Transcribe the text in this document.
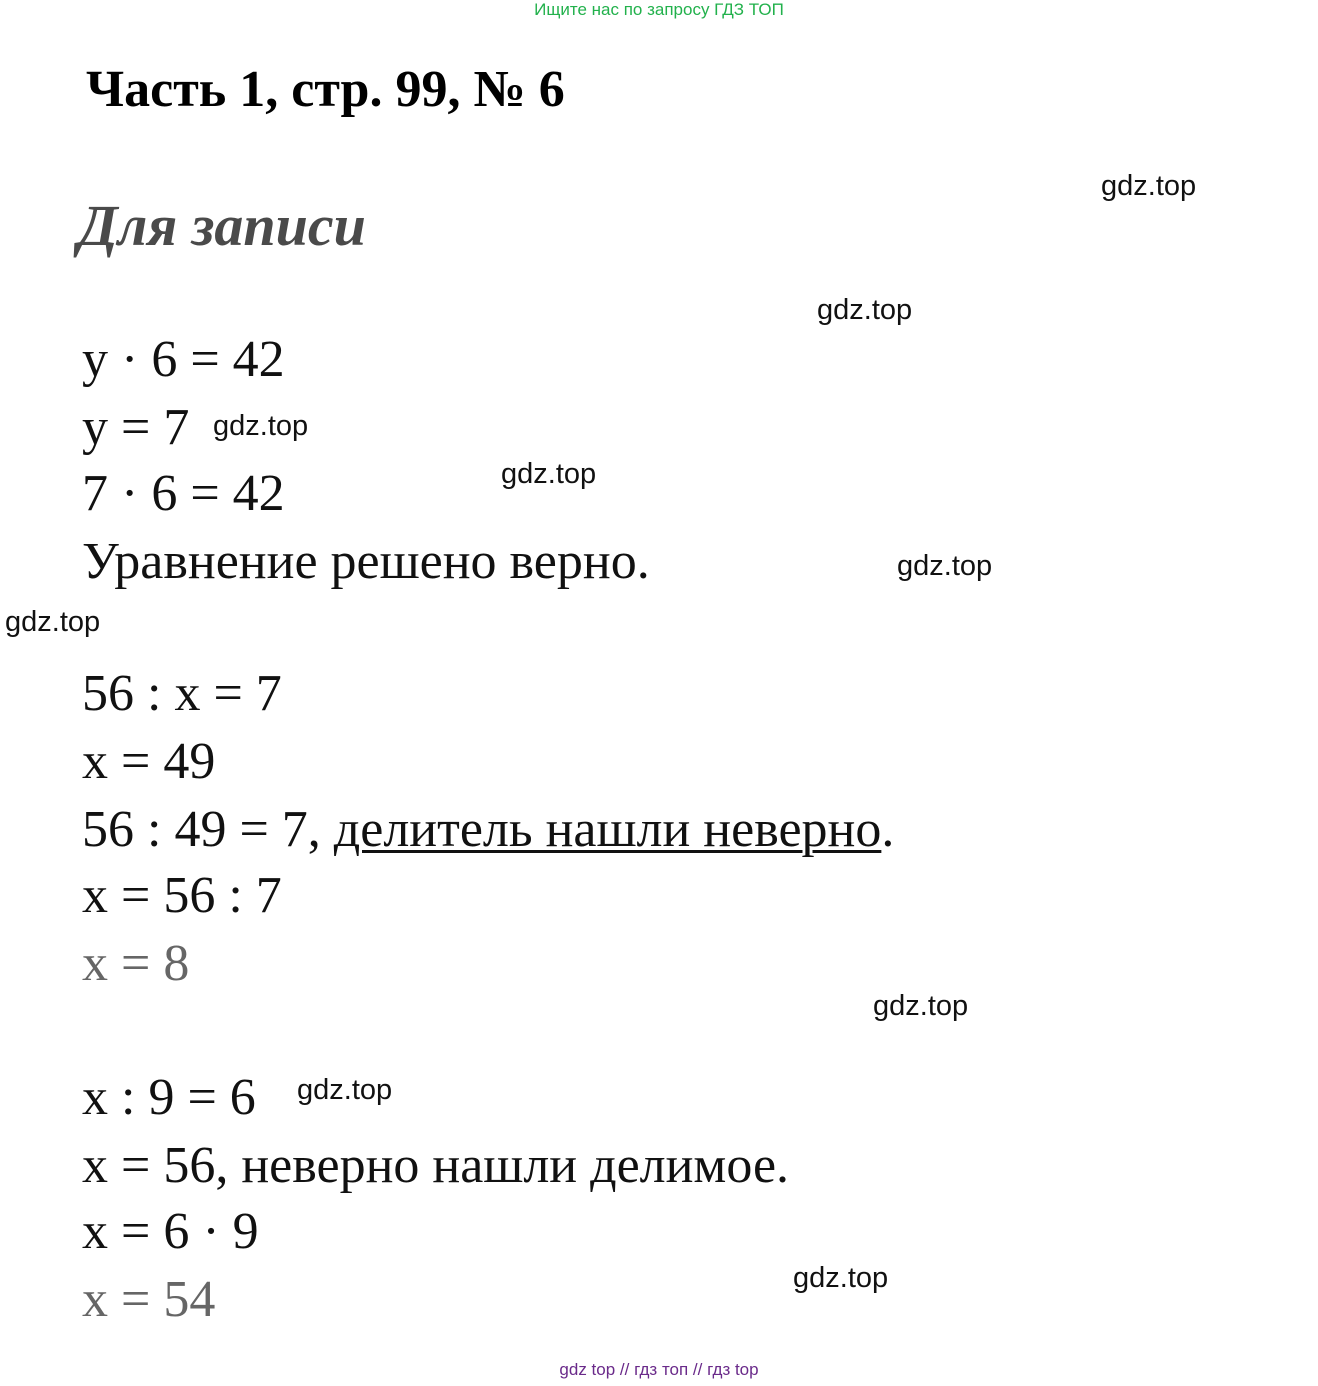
Ищите нас по запросу ГДЗ ТОП
Часть 1, стр. 99, № 6
Для записи
y · 6 = 42
y = 7
7 · 6 = 42
Уравнение решено верно.
56 : x = 7
x = 49
56 : 49 = 7, делитель нашли неверно.
x = 56 : 7
x = 8
x : 9 = 6
x = 56, неверно нашли делимое.
x = 6 · 9
x = 54
gdz.top
gdz.top
gdz.top
gdz.top
gdz.top
gdz.top
gdz.top
gdz.top
gdz.top
gdz top // гдз топ // гдз top
